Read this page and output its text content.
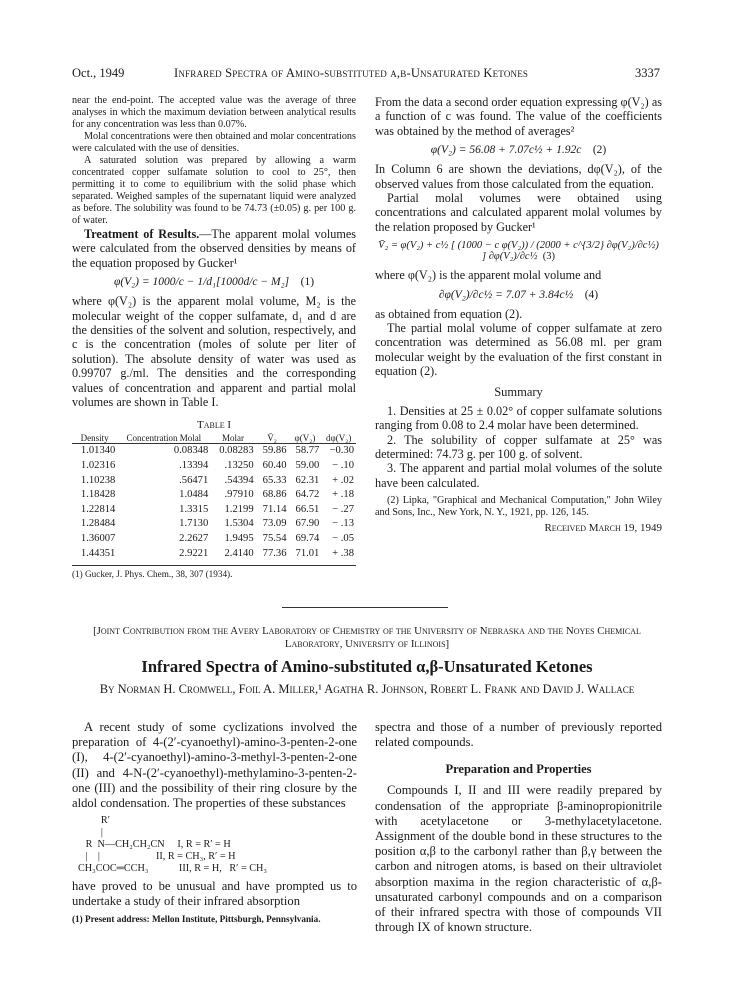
Oct., 1949	Infrared Spectra of Amino-substituted α,β-Unsaturated Ketones	3337

near the end-point. The accepted value was the average of three analyses in which the maximum deviation between analytical results for any concentration was less than 0.07%.

Molal concentrations were then obtained and molar concentrations were calculated with the use of densities.

A saturated solution was prepared by allowing a warm concentrated copper sulfamate solution to cool to 25°, then permitting it to come to equilibrium with the solid phase which separated. Weighed samples of the supernatant liquid were analyzed as before. The solubility was found to be 74.73 (±0.05) g. per 100 g. of water.

Treatment of Results.—The apparent molal volumes were calculated from the observed densities by means of the equation proposed by Gucker¹

φ(V₂) = 1000/c − 1/d₁[1000d/c − M₂] (1)

where φ(V₂) is the apparent molal volume, M₂ is the molecular weight of the copper sulfamate, d₁ and d are the densities of the solvent and solution, respectively, and c is the concentration (moles of solute per liter of solution). The absolute density of water was used as 0.99707 g./ml. The densities and the corresponding values of concentration and apparent and partial molal volumes are shown in Table I.

Table I
Density	Concentration Molal	Molar	V̄₂	φ(V₂)	dφ(V₂)
1.01340	0.08348	0.08283	59.86	58.77	−0.30
1.02316	.13394	.13250	60.40	59.00	− .10
1.10238	.56471	.54394	65.33	62.31	+ .02
1.18428	1.0484	.97910	68.86	64.72	+ .18
1.22814	1.3315	1.2199	71.14	66.51	− .27
1.28484	1.7130	1.5304	73.09	67.90	− .13
1.36007	2.2627	1.9495	75.54	69.74	− .05
1.44351	2.9221	2.4140	77.36	71.01	+ .38
(1) Gucker, J. Phys. Chem., 38, 307 (1934).

From the data a second order equation expressing φ(V₂) as a function of c was found. The value of the coefficients was obtained by the method of averages²

φ(V₂) = 56.08 + 7.07c½ + 1.92c (2)

In Column 6 are shown the deviations, dφ(V₂), of the observed values from those calculated from the equation.

Partial molal volumes were obtained using concentrations and calculated apparent molal volumes by the relation proposed by Gucker¹

V̄₂ = φ(V₂) + c½ [ (1000 − c φ(V₂)) / (2000 + c^{3/2} ∂φ(V₂)/∂c½) ] ∂φ(V₂)/∂c½ (3)

where φ(V₂) is the apparent molal volume and

∂φ(V₂)/∂c½ = 7.07 + 3.84c½ (4)

as obtained from equation (2).

The partial molal volume of copper sulfamate at zero concentration was determined as 56.08 ml. per gram molecular weight by the evaluation of the first constant in equation (2).

Summary

1. Densities at 25 ± 0.02° of copper sulfamate solutions ranging from 0.08 to 2.4 molar have been determined.

2. The solubility of copper sulfamate at 25° was determined: 74.73 g. per 100 g. of solvent.

3. The apparent and partial molal volumes of the solute have been calculated.

(2) Lipka, "Graphical and Mechanical Computation," John Wiley and Sons, Inc., New York, N. Y., 1921, pp. 126, 145.

Received March 19, 1949
[Joint Contribution from the Avery Laboratory of Chemistry of the University of Nebraska and the Noyes Chemical Laboratory, University of Illinois]
Infrared Spectra of Amino-substituted α,β-Unsaturated Ketones
By Norman H. Cromwell, Foil A. Miller,¹ Agatha R. Johnson, Robert L. Frank and David J. Wallace

A recent study of some cyclizations involved the preparation of 4-(2′-cyanoethyl)-amino-3-penten-2-one (I), 4-(2′-cyanoethyl)-amino-3-methyl-3-penten-2-one (II) and 4-N-(2′-cyanoethyl)-methylamino-3-penten-2-one (III) and the possibility of their ring closure by the aldol condensation. The properties of these substances

R′
|
R  N—CH₂CH₂CN     I, R = R′ = H
|    |                      II, R = CH₃, R′ = H
CH₃COC═CCH₃            III, R = H,   R′ = CH₃

have proved to be unusual and have prompted us to undertake a study of their infrared absorption

(1) Present address: Mellon Institute, Pittsburgh, Pennsylvania.

spectra and those of a number of previously reported related compounds.

Preparation and Properties

Compounds I, II and III were readily prepared by condensation of the appropriate β-aminopropionitrile with acetylacetone or 3-methylacetylacetone. Assignment of the double bond in these structures to the position α,β to the carbonyl rather than β,γ between the carbon and nitrogen atoms, is based on their ultraviolet absorption maxima in the region characteristic of α,β-unsaturated carbonyl compounds and on a comparison of their infrared spectra with those of compounds VII through IX of known structure.
